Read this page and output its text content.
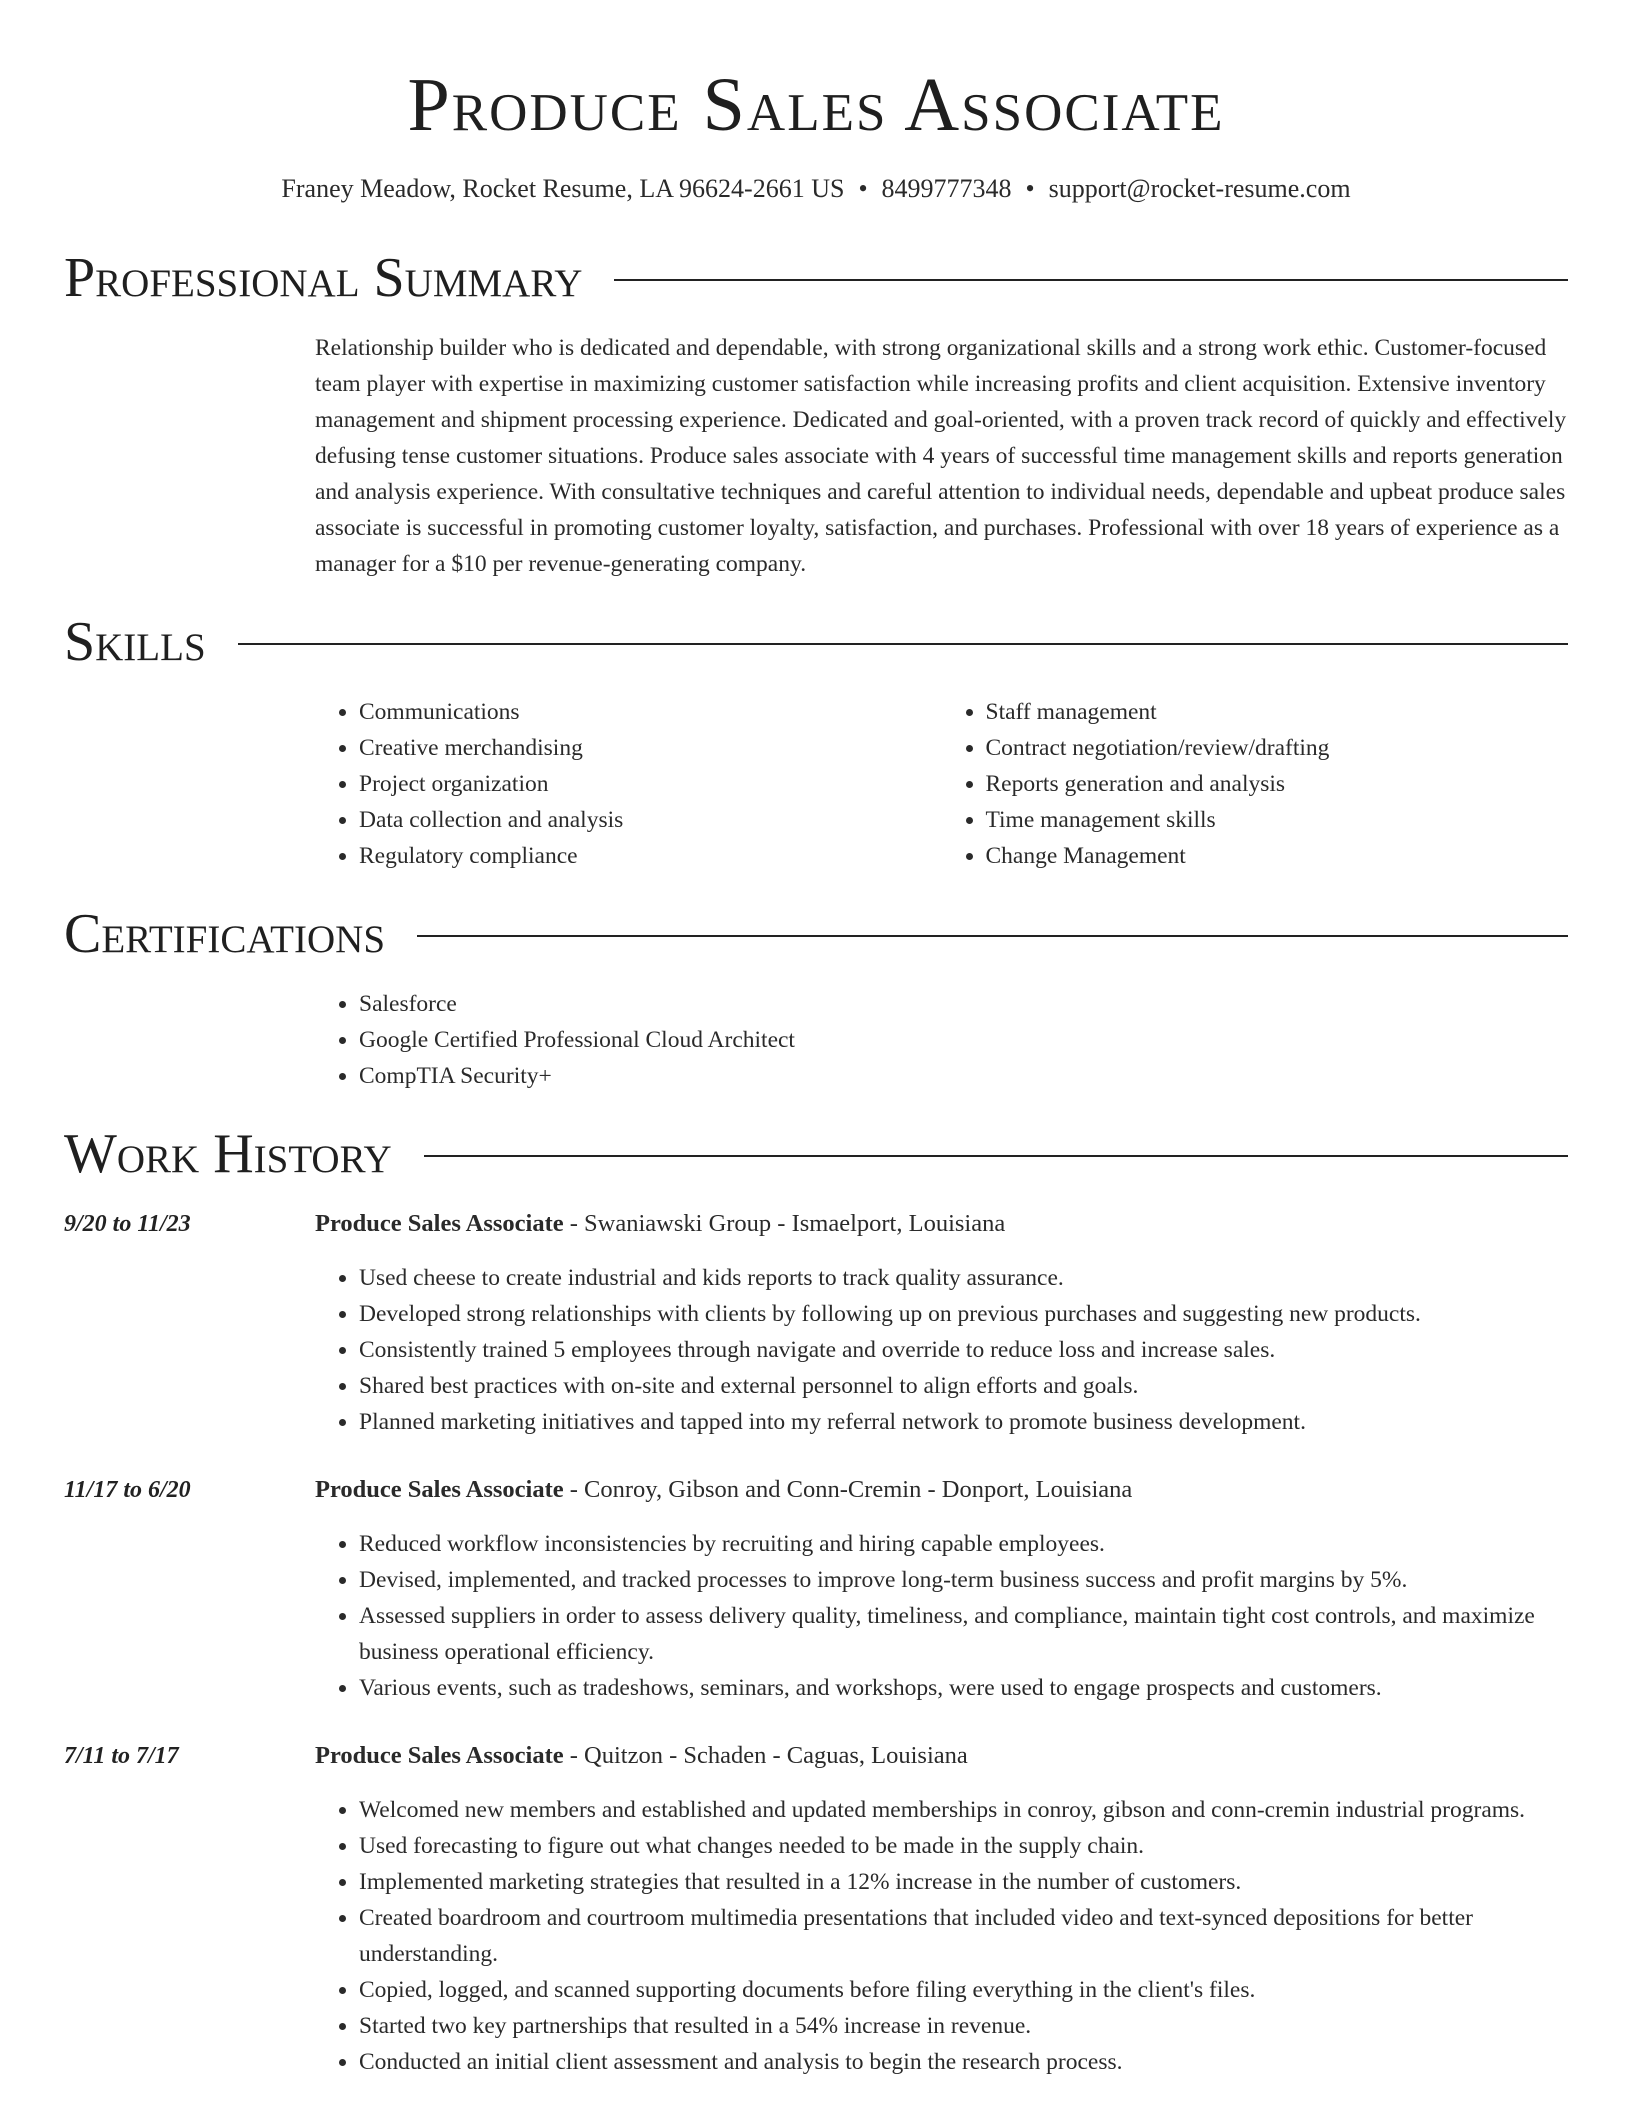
Produce Sales Associate
Franey Meadow, Rocket Resume, LA 96624-2661 US • 8499777348 • support@rocket-resume.com
Professional Summary
Relationship builder who is dedicated and dependable, with strong organizational skills and a strong work ethic. Customer-focused team player with expertise in maximizing customer satisfaction while increasing profits and client acquisition. Extensive inventory management and shipment processing experience. Dedicated and goal-oriented, with a proven track record of quickly and effectively defusing tense customer situations. Produce sales associate with 4 years of successful time management skills and reports generation and analysis experience. With consultative techniques and careful attention to individual needs, dependable and upbeat produce sales associate is successful in promoting customer loyalty, satisfaction, and purchases. Professional with over 18 years of experience as a manager for a $10 per revenue-generating company.
Skills
• Communications
• Creative merchandising
• Project organization
• Data collection and analysis
• Regulatory compliance
• Staff management
• Contract negotiation/review/drafting
• Reports generation and analysis
• Time management skills
• Change Management
Certifications
• Salesforce
• Google Certified Professional Cloud Architect
• CompTIA Security+
Work History
9/20 to 11/23	Produce Sales Associate - Swaniawski Group - Ismaelport, Louisiana
• Used cheese to create industrial and kids reports to track quality assurance.
• Developed strong relationships with clients by following up on previous purchases and suggesting new products.
• Consistently trained 5 employees through navigate and override to reduce loss and increase sales.
• Shared best practices with on-site and external personnel to align efforts and goals.
• Planned marketing initiatives and tapped into my referral network to promote business development.
11/17 to 6/20	Produce Sales Associate - Conroy, Gibson and Conn-Cremin - Donport, Louisiana
• Reduced workflow inconsistencies by recruiting and hiring capable employees.
• Devised, implemented, and tracked processes to improve long-term business success and profit margins by 5%.
• Assessed suppliers in order to assess delivery quality, timeliness, and compliance, maintain tight cost controls, and maximize business operational efficiency.
• Various events, such as tradeshows, seminars, and workshops, were used to engage prospects and customers.
7/11 to 7/17	Produce Sales Associate - Quitzon - Schaden - Caguas, Louisiana
• Welcomed new members and established and updated memberships in conroy, gibson and conn-cremin industrial programs.
• Used forecasting to figure out what changes needed to be made in the supply chain.
• Implemented marketing strategies that resulted in a 12% increase in the number of customers.
• Created boardroom and courtroom multimedia presentations that included video and text-synced depositions for better understanding.
• Copied, logged, and scanned supporting documents before filing everything in the client's files.
• Started two key partnerships that resulted in a 54% increase in revenue.
• Conducted an initial client assessment and analysis to begin the research process.
